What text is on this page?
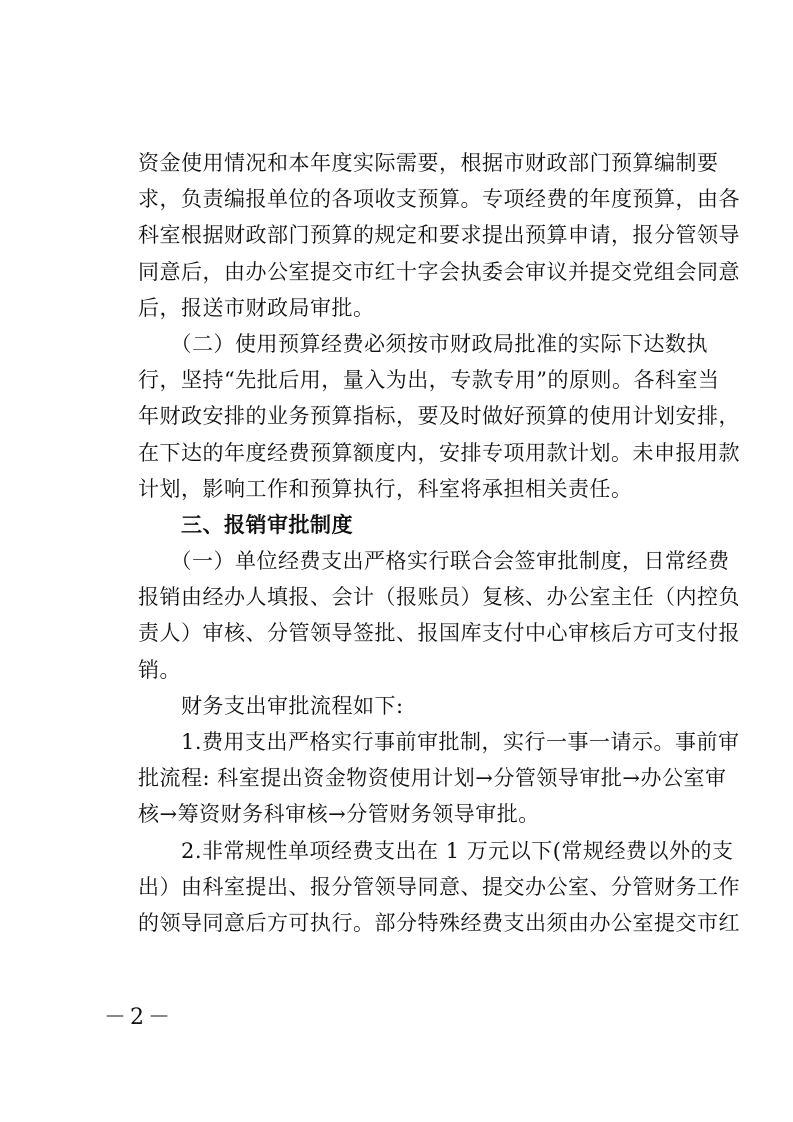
资金使用情况和本年度实际需要，根据市财政部门预算编制要
求，负责编报单位的各项收支预算。专项经费的年度预算，由各
科室根据财政部门预算的规定和要求提出预算申请，报分管领导
同意后，由办公室提交市红十字会执委会审议并提交党组会同意
后，报送市财政局审批。
　　（二）使用预算经费必须按市财政局批准的实际下达数执
行，坚持“先批后用，量入为出，专款专用”的原则。各科室当
年财政安排的业务预算指标，要及时做好预算的使用计划安排，
在下达的年度经费预算额度内，安排专项用款计划。未申报用款
计划，影响工作和预算执行，科室将承担相关责任。
　　三、报销审批制度
　　（一）单位经费支出严格实行联合会签审批制度，日常经费
报销由经办人填报、会计（报账员）复核、办公室主任（内控负
责人）审核、分管领导签批、报国库支付中心审核后方可支付报
销。
　　财务支出审批流程如下:
　　1.费用支出严格实行事前审批制，实行一事一请示。事前审
批流程: 科室提出资金物资使用计划→分管领导审批→办公室审
核→筹资财务科审核→分管财务领导审批。
　　2.非常规性单项经费支出在 1 万元以下(常规经费以外的支
出）由科室提出、报分管领导同意、提交办公室、分管财务工作
的领导同意后方可执行。部分特殊经费支出须由办公室提交市红
－2－
